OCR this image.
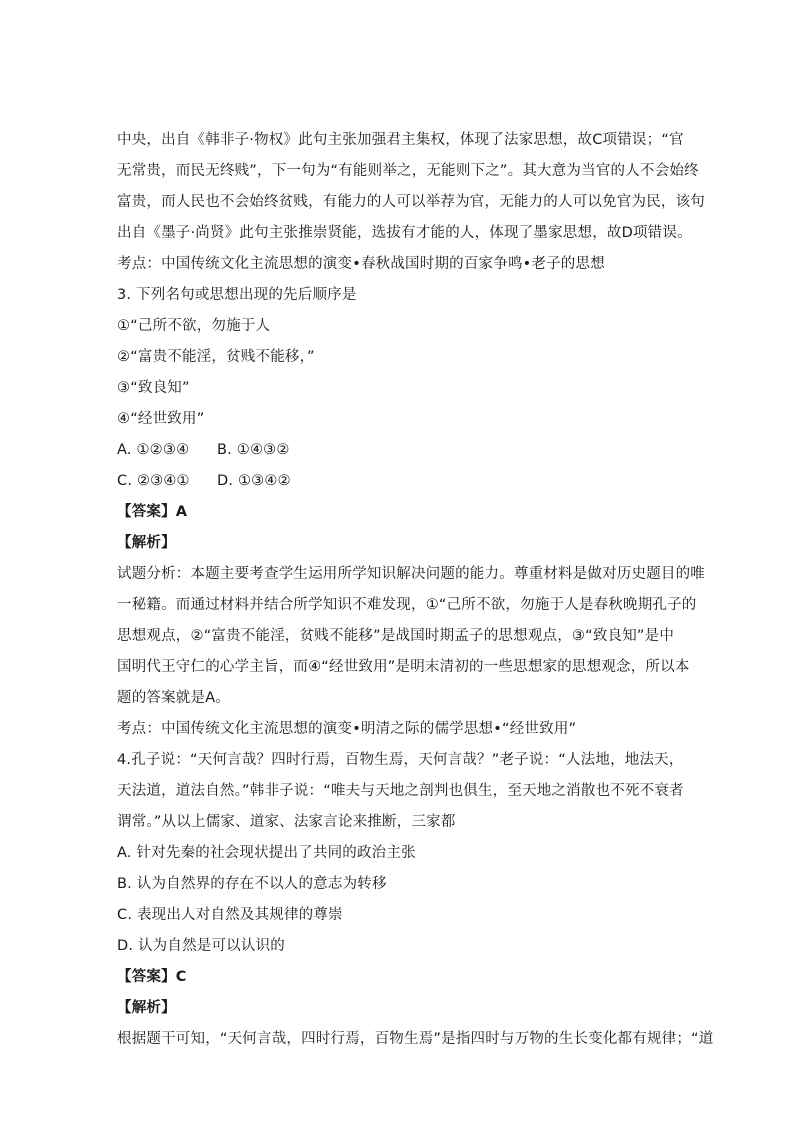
中央，出自《韩非子·物权》此句主张加强君主集权，体现了法家思想，故C项错误；“官
无常贵，而民无终贱”，下一句为“有能则举之，无能则下之”。其大意为当官的人不会始终
富贵，而人民也不会始终贫贱，有能力的人可以举荐为官，无能力的人可以免官为民，该句
出自《墨子·尚贤》此句主张推崇贤能，选拔有才能的人，体现了墨家思想，故D项错误。
考点：中国传统文化主流思想的演变•春秋战国时期的百家争鸣•老子的思想
3. 下列名句或思想出现的先后顺序是
①“己所不欲，勿施于人
②“富贵不能淫，贫贱不能移，”
③“致良知”
④“经世致用”
A. ①②③④	B. ①④③②
C. ②③④①	D. ①③④②
【答案】A
【解析】
试题分析：本题主要考查学生运用所学知识解决问题的能力。尊重材料是做对历史题目的唯
一秘籍。而通过材料并结合所学知识不难发现，①“己所不欲，勿施于人是春秋晚期孔子的
思想观点，②“富贵不能淫，贫贱不能移”是战国时期孟子的思想观点，③“致良知”是中
国明代王守仁的心学主旨，而④“经世致用”是明末清初的一些思想家的思想观念，所以本
题的答案就是A。
考点：中国传统文化主流思想的演变•明清之际的儒学思想•“经世致用”
4.孔子说：“天何言哉？四时行焉，百物生焉，天何言哉？”老子说：“人法地，地法天，
天法道，道法自然。”韩非子说：“唯夫与天地之剖判也俱生，至天地之消散也不死不衰者
谓常。”从以上儒家、道家、法家言论来推断，三家都
A. 针对先秦的社会现状提出了共同的政治主张
B. 认为自然界的存在不以人的意志为转移
C. 表现出人对自然及其规律的尊崇
D. 认为自然是可以认识的
【答案】C
【解析】
根据题干可知，“天何言哉，四时行焉，百物生焉”是指四时与万物的生长变化都有规律；“道
